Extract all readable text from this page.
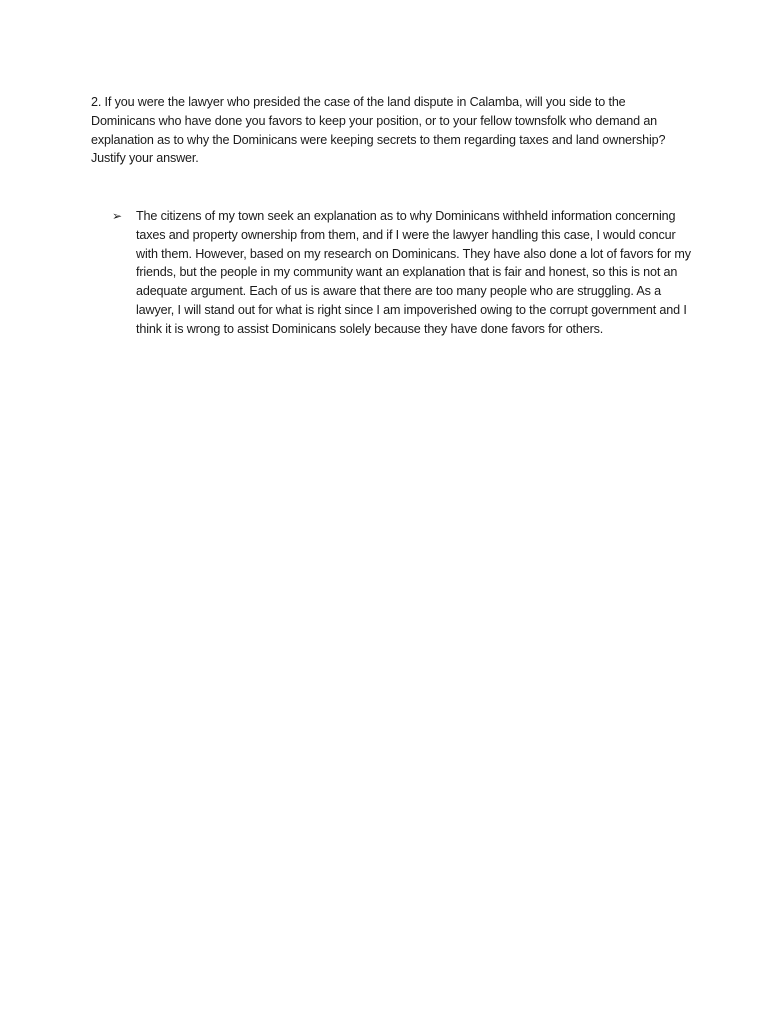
2. If you were the lawyer who presided the case of the land dispute in Calamba, will you side to the Dominicans who have done you favors to keep your position, or to your fellow townsfolk who demand an explanation as to why the Dominicans were keeping secrets to them regarding taxes and land ownership? Justify your answer.

➢ The citizens of my town seek an explanation as to why Dominicans withheld information concerning taxes and property ownership from them, and if I were the lawyer handling this case, I would concur with them. However, based on my research on Dominicans. They have also done a lot of favors for my friends, but the people in my community want an explanation that is fair and honest, so this is not an adequate argument. Each of us is aware that there are too many people who are struggling. As a lawyer, I will stand out for what is right since I am impoverished owing to the corrupt government and I think it is wrong to assist Dominicans solely because they have done favors for others.
